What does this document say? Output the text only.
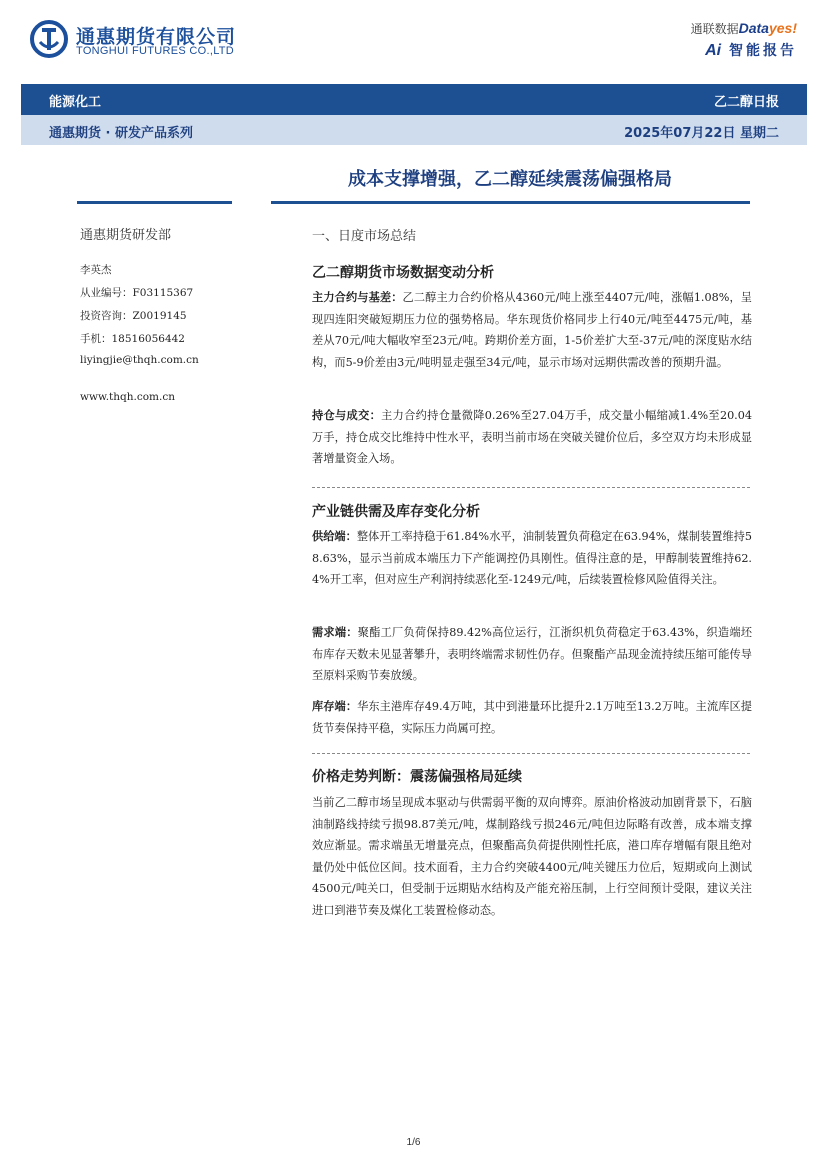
通惠期货有限公司
TONGHUI FUTURES CO.,LTD
通联数据Datayes!
Ai 智能报告
能源化工	乙二醇日报
通惠期货 · 研发产品系列	2025年07月22日 星期二
成本支撑增强，乙二醇延续震荡偏强格局
通惠期货研发部
李英杰
从业编号：F03115367
投资咨询：Z0019145
手机：18516056442
liyingjie@thqh.com.cn
www.thqh.com.cn
一、日度市场总结
乙二醇期货市场数据变动分析
主力合约与基差：乙二醇主力合约价格从4360元/吨上涨至4407元/吨，涨幅1.08%，呈现四连阳突破短期压力位的强势格局。华东现货价格同步上行40元/吨至4475元/吨，基差从70元/吨大幅收窄至23元/吨。跨期价差方面，1-5价差扩大至-37元/吨的深度贴水结构，而5-9价差由3元/吨明显走强至34元/吨，显示市场对远期供需改善的预期升温。
持仓与成交：主力合约持仓量微降0.26%至27.04万手，成交量小幅缩减1.4%至20.04万手，持仓成交比维持中性水平，表明当前市场在突破关键价位后，多空双方均未形成显著增量资金入场。
产业链供需及库存变化分析
供给端：整体开工率持稳于61.84%水平，油制装置负荷稳定在63.94%，煤制装置维持58.63%，显示当前成本端压力下产能调控仍具刚性。值得注意的是，甲醇制装置维持62.4%开工率，但对应生产利润持续恶化至-1249元/吨，后续装置检修风险值得关注。
需求端：聚酯工厂负荷保持89.42%高位运行，江浙织机负荷稳定于63.43%，织造端坯布库存天数未见显著攀升，表明终端需求韧性仍存。但聚酯产品现金流持续压缩可能传导至原料采购节奏放缓。
库存端：华东主港库存49.4万吨，其中到港量环比提升2.1万吨至13.2万吨。主流库区提货节奏保持平稳，实际压力尚属可控。
价格走势判断：震荡偏强格局延续
当前乙二醇市场呈现成本驱动与供需弱平衡的双向博弈。原油价格波动加剧背景下，石脑油制路线持续亏损98.87美元/吨，煤制路线亏损246元/吨但边际略有改善，成本端支撑效应渐显。需求端虽无增量亮点，但聚酯高负荷提供刚性托底，港口库存增幅有限且绝对量仍处中低位区间。技术面看，主力合约突破4400元/吨关键压力位后，短期或向上测试4500元/吨关口，但受制于远期贴水结构及产能充裕压制，上行空间预计受限，建议关注进口到港节奏及煤化工装置检修动态。
1/6
